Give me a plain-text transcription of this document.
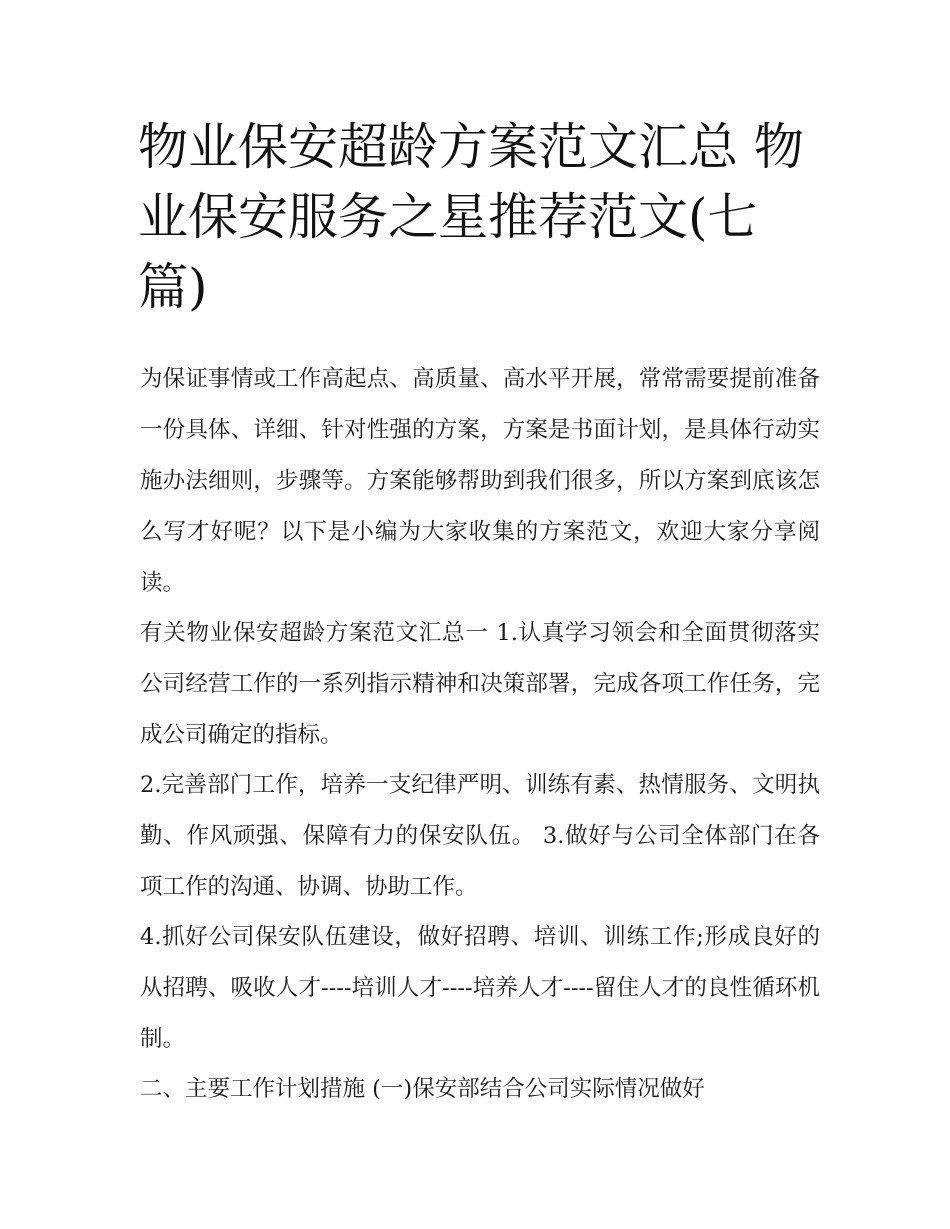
物业保安超龄方案范文汇总 物业保安服务之星推荐范文(七篇)

为保证事情或工作高起点、高质量、高水平开展，常常需要提前准备一份具体、详细、针对性强的方案，方案是书面计划，是具体行动实施办法细则，步骤等。方案能够帮助到我们很多，所以方案到底该怎么写才好呢？以下是小编为大家收集的方案范文，欢迎大家分享阅读。

有关物业保安超龄方案范文汇总一 1.认真学习领会和全面贯彻落实公司经营工作的一系列指示精神和决策部署，完成各项工作任务，完成公司确定的指标。

2.完善部门工作，培养一支纪律严明、训练有素、热情服务、文明执勤、作风顽强、保障有力的保安队伍。 3.做好与公司全体部门在各项工作的沟通、协调、协助工作。

4.抓好公司保安队伍建设，做好招聘、培训、训练工作;形成良好的从招聘、吸收人才----培训人才----培养人才----留住人才的良性循环机制。

二、主要工作计划措施 (一)保安部结合公司实际情况做好
